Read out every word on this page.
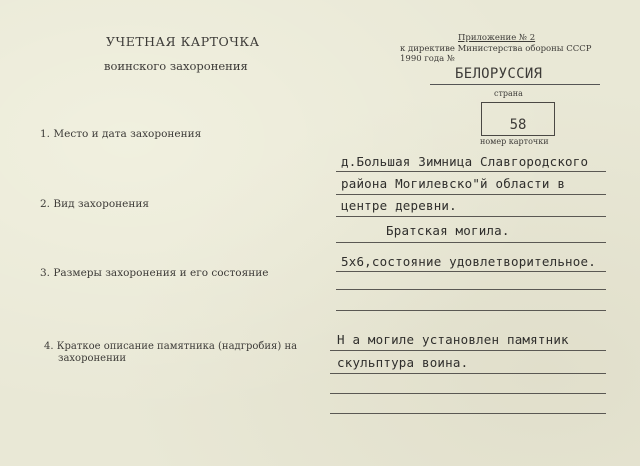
УЧЕТНАЯ КАРТОЧКА
воинского захоронения
Приложение № 2
к директиве Министерства обороны СССР
1990 года №
БЕЛОРУССИЯ
страна
58
номер карточки
1. Место и дата захоронения
д.Большая Зимница Славгородского
района Могилевско"й области в
центре деревни.
2. Вид захоронения
Братская могила.
3. Размеры захоронения и его состояние
5х6,состояние удовлетворительное.
4. Краткое описание памятника (надгробия) на
захоронении
Н а могиле установлен памятник
скульптура воина.
